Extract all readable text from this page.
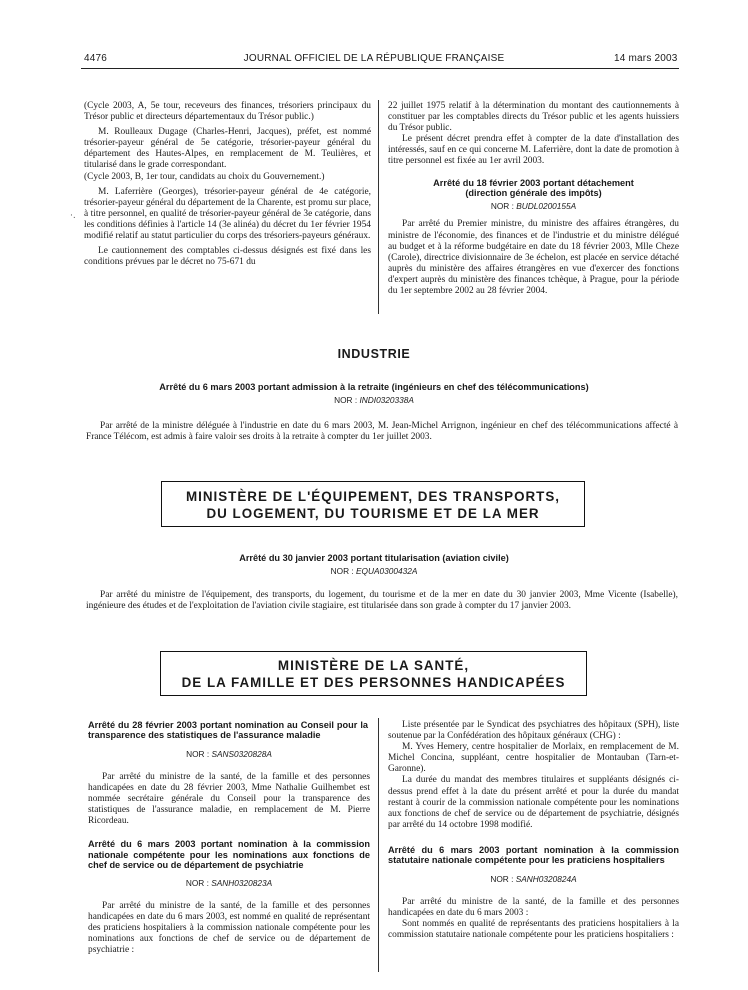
4476	JOURNAL OFFICIEL DE LA RÉPUBLIQUE FRANÇAISE	14 mars 2003

(Cycle 2003, A, 5e tour, receveurs des finances, trésoriers principaux du Trésor public et directeurs départementaux du Trésor public.)

M. Roulleaux Dugage (Charles-Henri, Jacques), préfet, est nommé trésorier-payeur général de 5e catégorie, trésorier-payeur général du département des Hautes-Alpes, en remplacement de M. Teulières, et titularisé dans le grade correspondant.

(Cycle 2003, B, 1er tour, candidats au choix du Gouvernement.)

M. Laferrière (Georges), trésorier-payeur général de 4e catégorie, trésorier-payeur général du département de la Charente, est promu sur place, à titre personnel, en qualité de trésorier-payeur général de 3e catégorie, dans les conditions définies à l'article 14 (3e alinéa) du décret du 1er février 1954 modifié relatif au statut particulier du corps des trésoriers-payeurs généraux.

Le cautionnement des comptables ci-dessus désignés est fixé dans les conditions prévues par le décret no 75-671 du

·.

22 juillet 1975 relatif à la détermination du montant des cautionnements à constituer par les comptables directs du Trésor public et les agents huissiers du Trésor public.

Le présent décret prendra effet à compter de la date d'installation des intéressés, sauf en ce qui concerne M. Laferrière, dont la date de promotion à titre personnel est fixée au 1er avril 2003.

Arrêté du 18 février 2003 portant détachement (direction générale des impôts)
NOR : BUDL0200155A

Par arrêté du Premier ministre, du ministre des affaires étrangères, du ministre de l'économie, des finances et de l'industrie et du ministre délégué au budget et à la réforme budgétaire en date du 18 février 2003, Mlle Cheze (Carole), directrice divisionnaire de 3e échelon, est placée en service détaché auprès du ministère des affaires étrangères en vue d'exercer des fonctions d'expert auprès du ministère des finances tchèque, à Prague, pour la période du 1er septembre 2002 au 28 février 2004.

INDUSTRIE
Arrêté du 6 mars 2003 portant admission à la retraite (ingénieurs en chef des télécommunications)
NOR : INDI0320338A

Par arrêté de la ministre déléguée à l'industrie en date du 6 mars 2003, M. Jean-Michel Arrignon, ingénieur en chef des télécommunications affecté à France Télécom, est admis à faire valoir ses droits à la retraite à compter du 1er juillet 2003.

MINISTÈRE DE L'ÉQUIPEMENT, DES TRANSPORTS,
DU LOGEMENT, DU TOURISME ET DE LA MER
Arrêté du 30 janvier 2003 portant titularisation (aviation civile)
NOR : EQUA0300432A

Par arrêté du ministre de l'équipement, des transports, du logement, du tourisme et de la mer en date du 30 janvier 2003, Mme Vicente (Isabelle), ingénieure des études et de l'exploitation de l'aviation civile stagiaire, est titularisée dans son grade à compter du 17 janvier 2003.

MINISTÈRE DE LA SANTÉ,
DE LA FAMILLE ET DES PERSONNES HANDICAPÉES
Arrêté du 28 février 2003 portant nomination au Conseil pour la transparence des statistiques de l'assurance maladie
NOR : SANS0320828A

Par arrêté du ministre de la santé, de la famille et des personnes handicapées en date du 28 février 2003, Mme Nathalie Guilhembet est nommée secrétaire générale du Conseil pour la transparence des statistiques de l'assurance maladie, en remplacement de M. Pierre Ricordeau.

Arrêté du 6 mars 2003 portant nomination à la commission nationale compétente pour les nominations aux fonctions de chef de service ou de département de psychiatrie
NOR : SANH0320823A

Par arrêté du ministre de la santé, de la famille et des personnes handicapées en date du 6 mars 2003, est nommé en qualité de représentant des praticiens hospitaliers à la commission nationale compétente pour les nominations aux fonctions de chef de service ou de département de psychiatrie :

Liste présentée par le Syndicat des psychiatres des hôpitaux (SPH), liste soutenue par la Confédération des hôpitaux généraux (CHG) :

M. Yves Hemery, centre hospitalier de Morlaix, en remplacement de M. Michel Concina, suppléant, centre hospitalier de Montauban (Tarn-et-Garonne).

La durée du mandat des membres titulaires et suppléants désignés ci-dessus prend effet à la date du présent arrêté et pour la durée du mandat restant à courir de la commission nationale compétente pour les nominations aux fonctions de chef de service ou de département de psychiatrie, désignés par arrêté du 14 octobre 1998 modifié.

Arrêté du 6 mars 2003 portant nomination à la commission statutaire nationale compétente pour les praticiens hospitaliers
NOR : SANH0320824A

Par arrêté du ministre de la santé, de la famille et des personnes handicapées en date du 6 mars 2003 :

Sont nommés en qualité de représentants des praticiens hospitaliers à la commission statutaire nationale compétente pour les praticiens hospitaliers :
